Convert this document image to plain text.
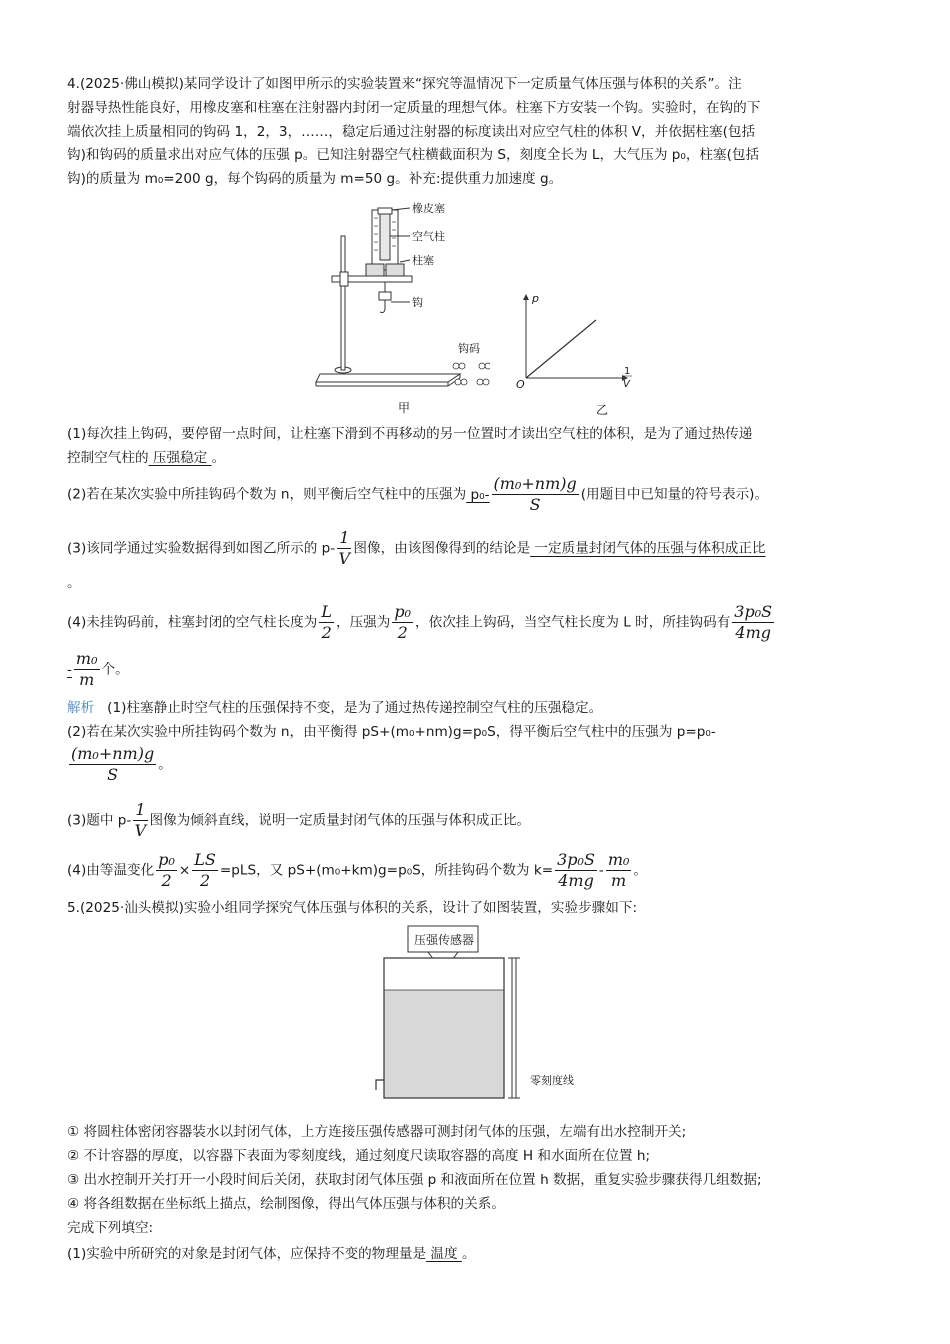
4.(2025·佛山模拟)某同学设计了如图甲所示的实验装置来“探究等温情况下一定质量气体压强与体积的关系”。注
射器导热性能良好，用橡皮塞和柱塞在注射器内封闭一定质量的理想气体。柱塞下方安装一个钩。实验时，在钩的下
端依次挂上质量相同的钩码 1，2，3，……，稳定后通过注射器的标度读出对应空气柱的体积 V，并依据柱塞(包括
钩)和钩码的质量求出对应气体的压强 p。已知注射器空气柱横截面积为 S，刻度全长为 L，大气压为 p₀，柱塞(包括
钩)的质量为 m₀=200 g，每个钩码的质量为 m=50 g。补充:提供重力加速度 g。
橡皮塞
空气柱
柱塞
钩
钩码
甲
p
O
1
V
乙
(1)每次挂上钩码，要停留一点时间，让柱塞下滑到不再移动的另一位置时才读出空气柱的体积，是为了通过热传递
控制空气柱的 压强稳定 。
(2)若在某次实验中所挂钩码个数为 n，则平衡后空气柱中的压强为 $p_0- \frac{\text{(m₀+nm)g}}{S}$ (用题目中已知量的符号表示)。
(3)该同学通过实验数据得到如图乙所示的 $p- \frac{1}{V}$ 图像，由该图像得到的结论是 一定质量封闭气体的压强与体积成正比
。
(4)未挂钩码前，柱塞封闭的空气柱长度为 $\frac{L}{2}$ ，压强为 $\frac{\text{p₀}}{2}$ ，依次挂上钩码，当空气柱长度为 L 时，所挂钩码有 $\frac{\text{3p₀S}}{4mg}$
- $\frac{\text{m₀}}{m}$ 个。
解析 (1)柱塞静止时空气柱的压强保持不变，是为了通过热传递控制空气柱的压强稳定。
(2)若在某次实验中所挂钩码个数为 n，由平衡得 pS+(m₀+nm)g=p₀S，得平衡后空气柱中的压强为 p=p₀-
$\frac{\text{(m₀+nm)g}}{S}$ 。
(3)题中 $p- \frac{1}{V}$ 图像为倾斜直线，说明一定质量封闭气体的压强与体积成正比。
(4)由等温变化 $\frac{\text{p₀}}{2} \times \frac{LS}{2} =pLS$，又 pS+(m₀+km)g=p₀S，所挂钩码个数为 $k= \frac{\text{3p₀S}}{4mg} - \frac{\text{m₀}}{m}$ 。
5.(2025·汕头模拟)实验小组同学探究气体压强与体积的关系，设计了如图装置，实验步骤如下:
压强传感器
零刻度线
① 将圆柱体密闭容器装水以封闭气体，上方连接压强传感器可测封闭气体的压强，左端有出水控制开关;
② 不计容器的厚度，以容器下表面为零刻度线，通过刻度尺读取容器的高度 H 和水面所在位置 h;
③ 出水控制开关打开一小段时间后关闭，获取封闭气体压强 p 和液面所在位置 h 数据，重复实验步骤获得几组数据;
④ 将各组数据在坐标纸上描点，绘制图像，得出气体压强与体积的关系。
完成下列填空:
(1)实验中所研究的对象是封闭气体，应保持不变的物理量是 温度 。
